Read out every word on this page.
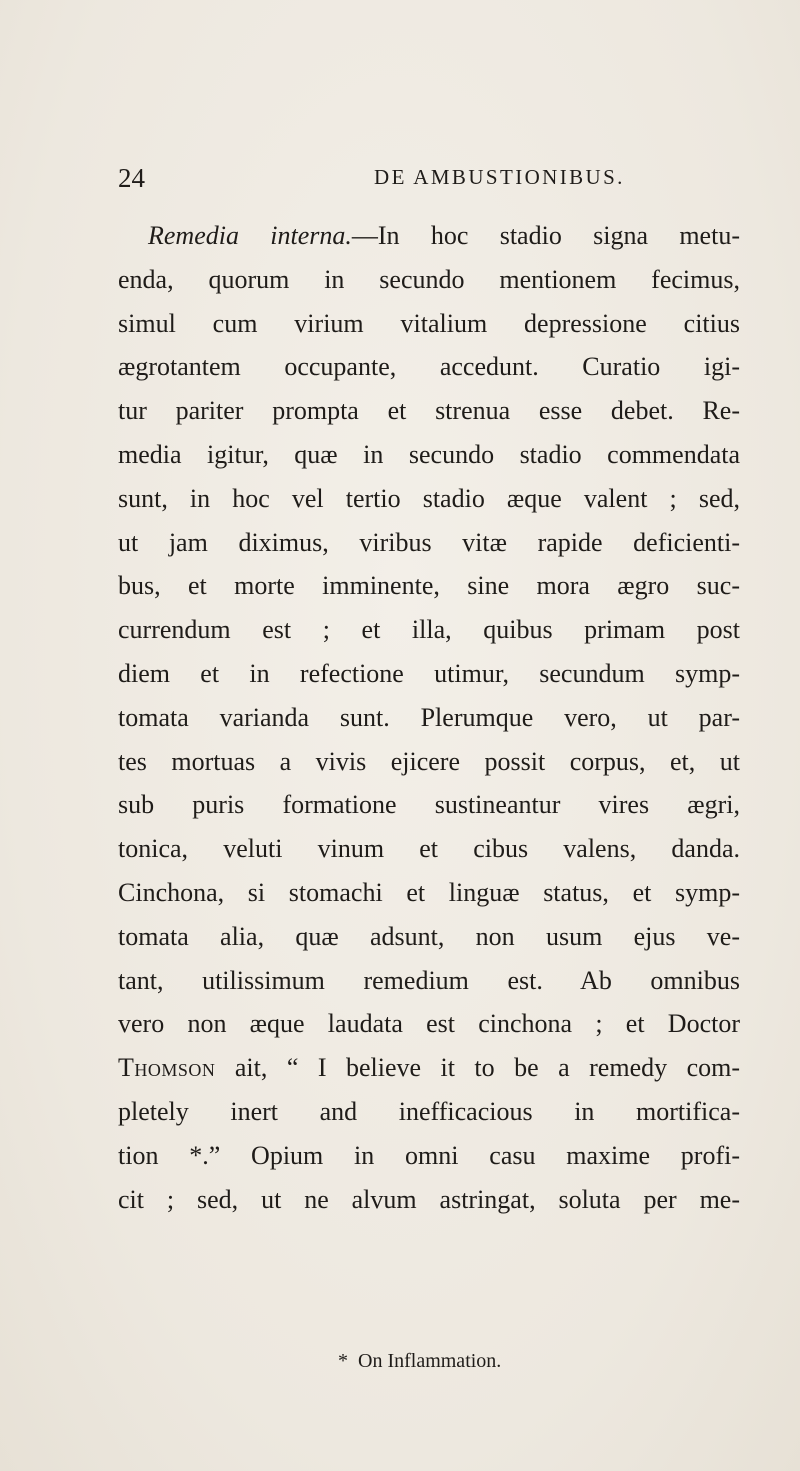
24	DE AMBUSTIONIBUS.
Remedia interna.—In hoc stadio signa metu-
enda, quorum in secundo mentionem fecimus,
simul cum virium vitalium depressione citius
ægrotantem occupante, accedunt. Curatio igi-
tur pariter prompta et strenua esse debet. Re-
media igitur, quæ in secundo stadio commendata
sunt, in hoc vel tertio stadio æque valent ; sed,
ut jam diximus, viribus vitæ rapide deficienti-
bus, et morte imminente, sine mora ægro suc-
currendum est ; et illa, quibus primam post
diem et in refectione utimur, secundum symp-
tomata varianda sunt. Plerumque vero, ut par-
tes mortuas a vivis ejicere possit corpus, et, ut
sub puris formatione sustineantur vires ægri,
tonica, veluti vinum et cibus valens, danda.
Cinchona, si stomachi et linguæ status, et symp-
tomata alia, quæ adsunt, non usum ejus ve-
tant, utilissimum remedium est. Ab omnibus
vero non æque laudata est cinchona ; et Doctor
Thomson ait, “ I believe it to be a remedy com-
pletely inert and inefficacious in mortifica-
tion *.” Opium in omni casu maxime profi-
cit ; sed, ut ne alvum astringat, soluta per me-
* On Inflammation.
